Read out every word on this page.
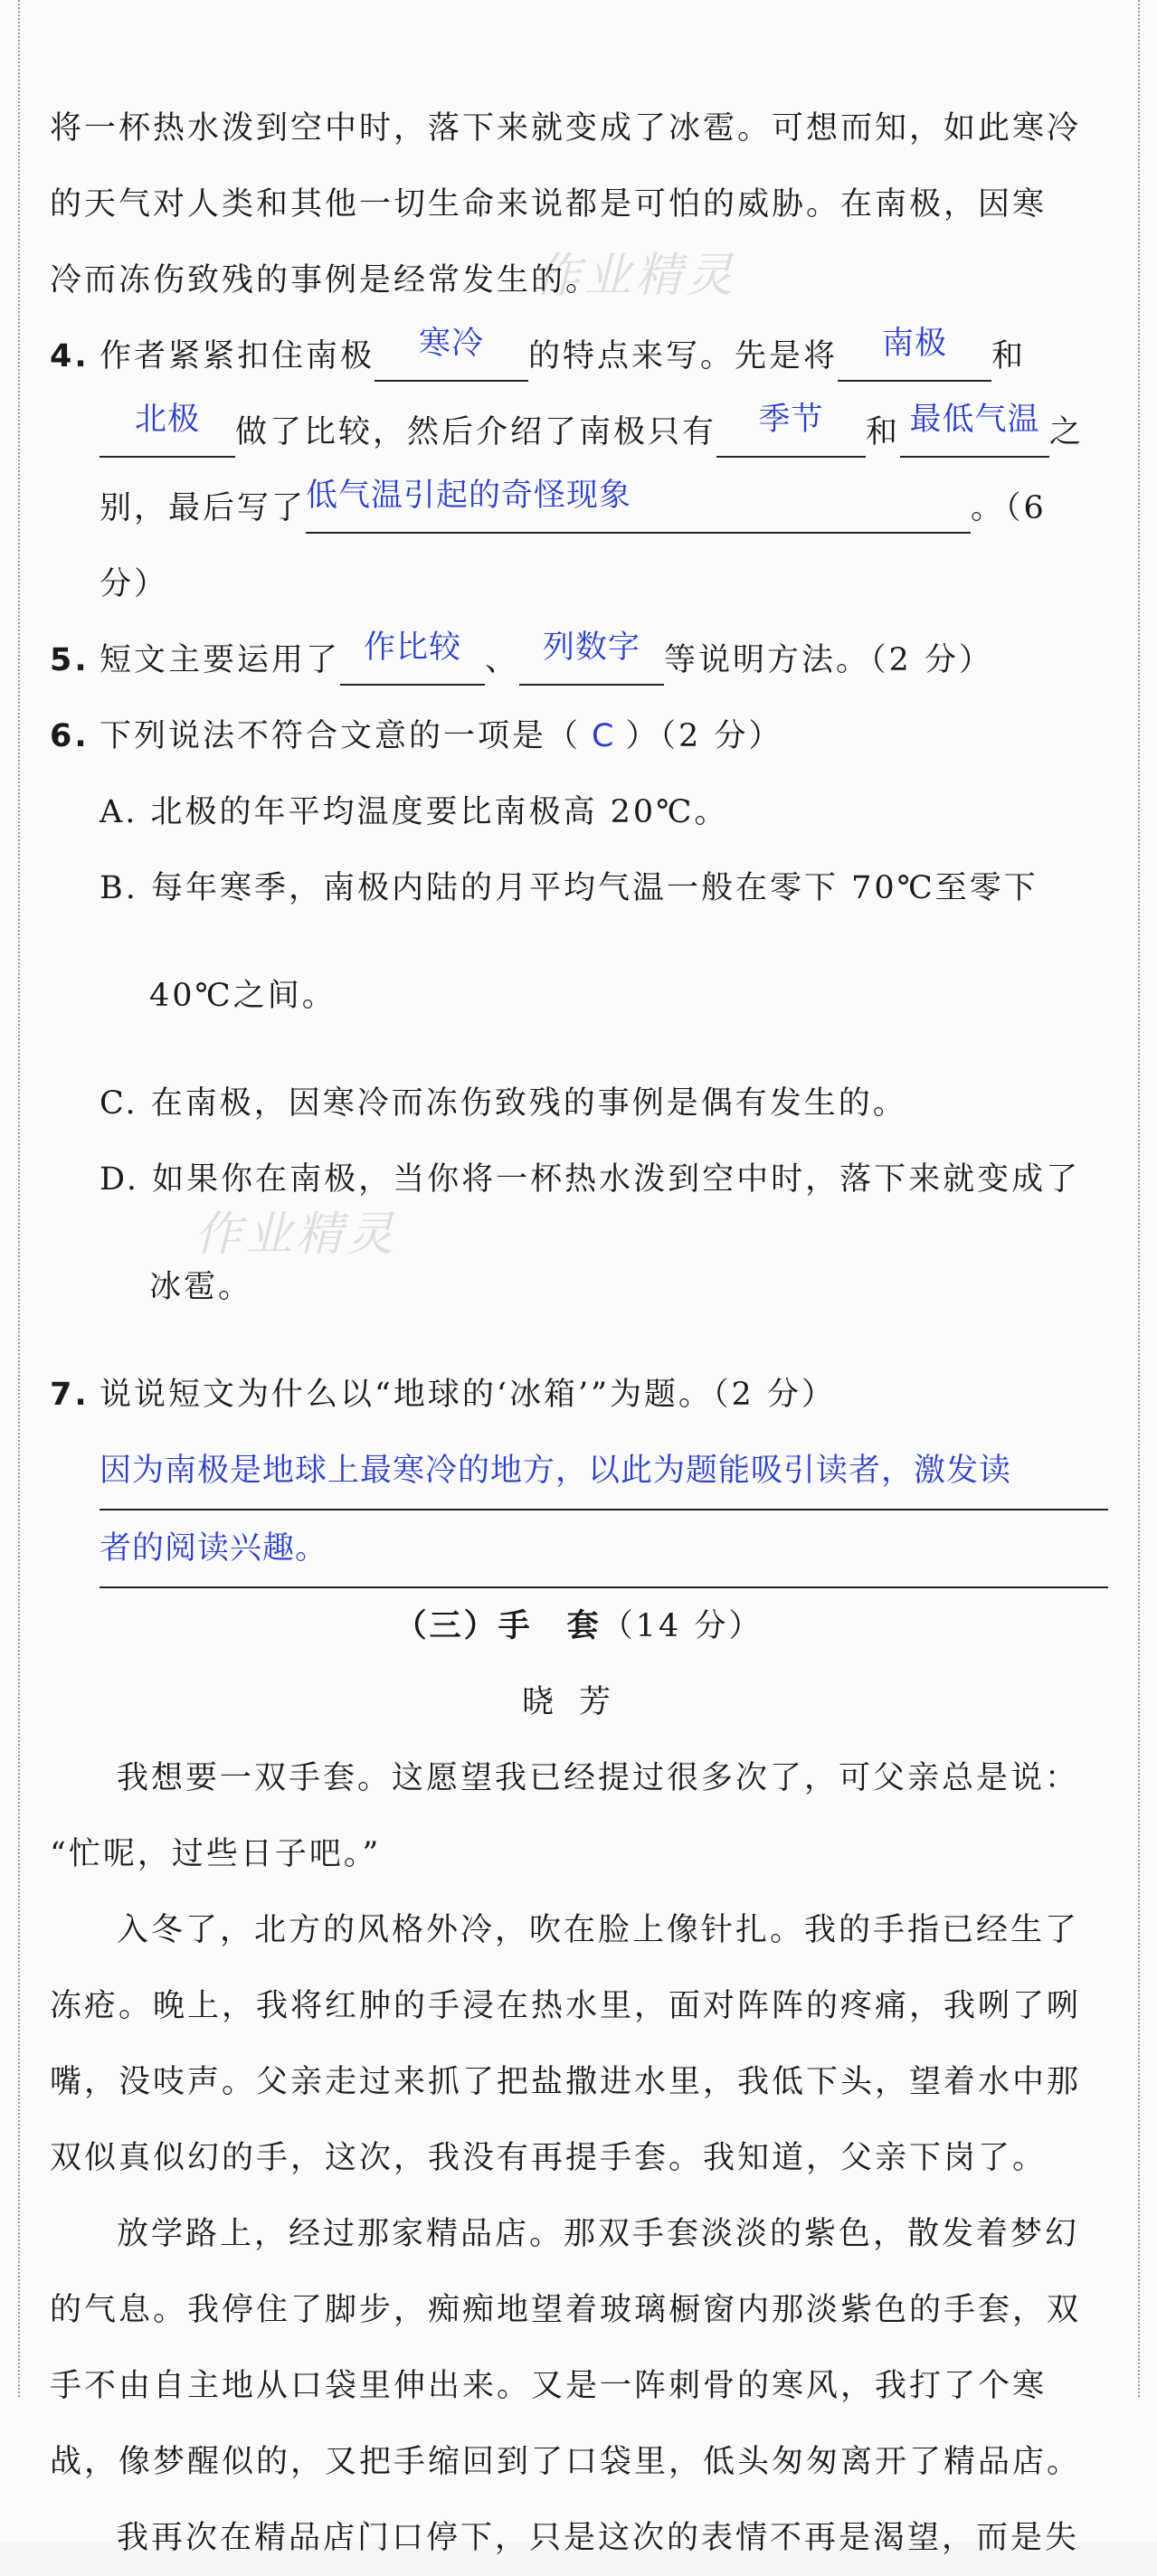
作业精灵
作业精灵

将一杯热水泼到空中时，落下来就变成了冰雹。可想而知，如此寒冷

的天气对人类和其他一切生命来说都是可怕的威胁。在南极，因寒

冷而冻伤致残的事例是经常发生的。

4. 作者紧紧扣住南极 寒冷 的特点来写。先是将 南极 和

北极 做了比较，然后介绍了南极只有 季节 和 最低气温 之

别，最后写了低气温引起的奇怪现象	。（6 分）

5. 短文主要运用了 作比较 、 列数字 等说明方法。（2 分）

6. 下列说法不符合文意的一项是（ C ）（2 分）

A. 北极的年平均温度要比南极高 20℃。

B. 每年寒季，南极内陆的月平均气温一般在零下 70℃至零下

40℃之间。

C. 在南极，因寒冷而冻伤致残的事例是偶有发生的。

D. 如果你在南极，当你将一杯热水泼到空中时，落下来就变成了

冰雹。

7. 说说短文为什么以“地球的‘冰箱’”为题。（2 分）

因为南极是地球上最寒冷的地方，以此为题能吸引读者，激发读

者的阅读兴趣。

（三）手　套（14 分）

晓芳

我想要一双手套。这愿望我已经提过很多次了，可父亲总是说：

“忙呢，过些日子吧。”

入冬了，北方的风格外冷，吹在脸上像针扎。我的手指已经生了

冻疮。晚上，我将红肿的手浸在热水里，面对阵阵的疼痛，我咧了咧

嘴，没吱声。父亲走过来抓了把盐撒进水里，我低下头，望着水中那

双似真似幻的手，这次，我没有再提手套。我知道，父亲下岗了。

放学路上，经过那家精品店。那双手套淡淡的紫色，散发着梦幻

的气息。我停住了脚步，痴痴地望着玻璃橱窗内那淡紫色的手套，双

手不由自主地从口袋里伸出来。又是一阵刺骨的寒风，我打了个寒

战，像梦醒似的，又把手缩回到了口袋里，低头匆匆离开了精品店。

我再次在精品店门口停下，只是这次的表情不再是渴望，而是失
